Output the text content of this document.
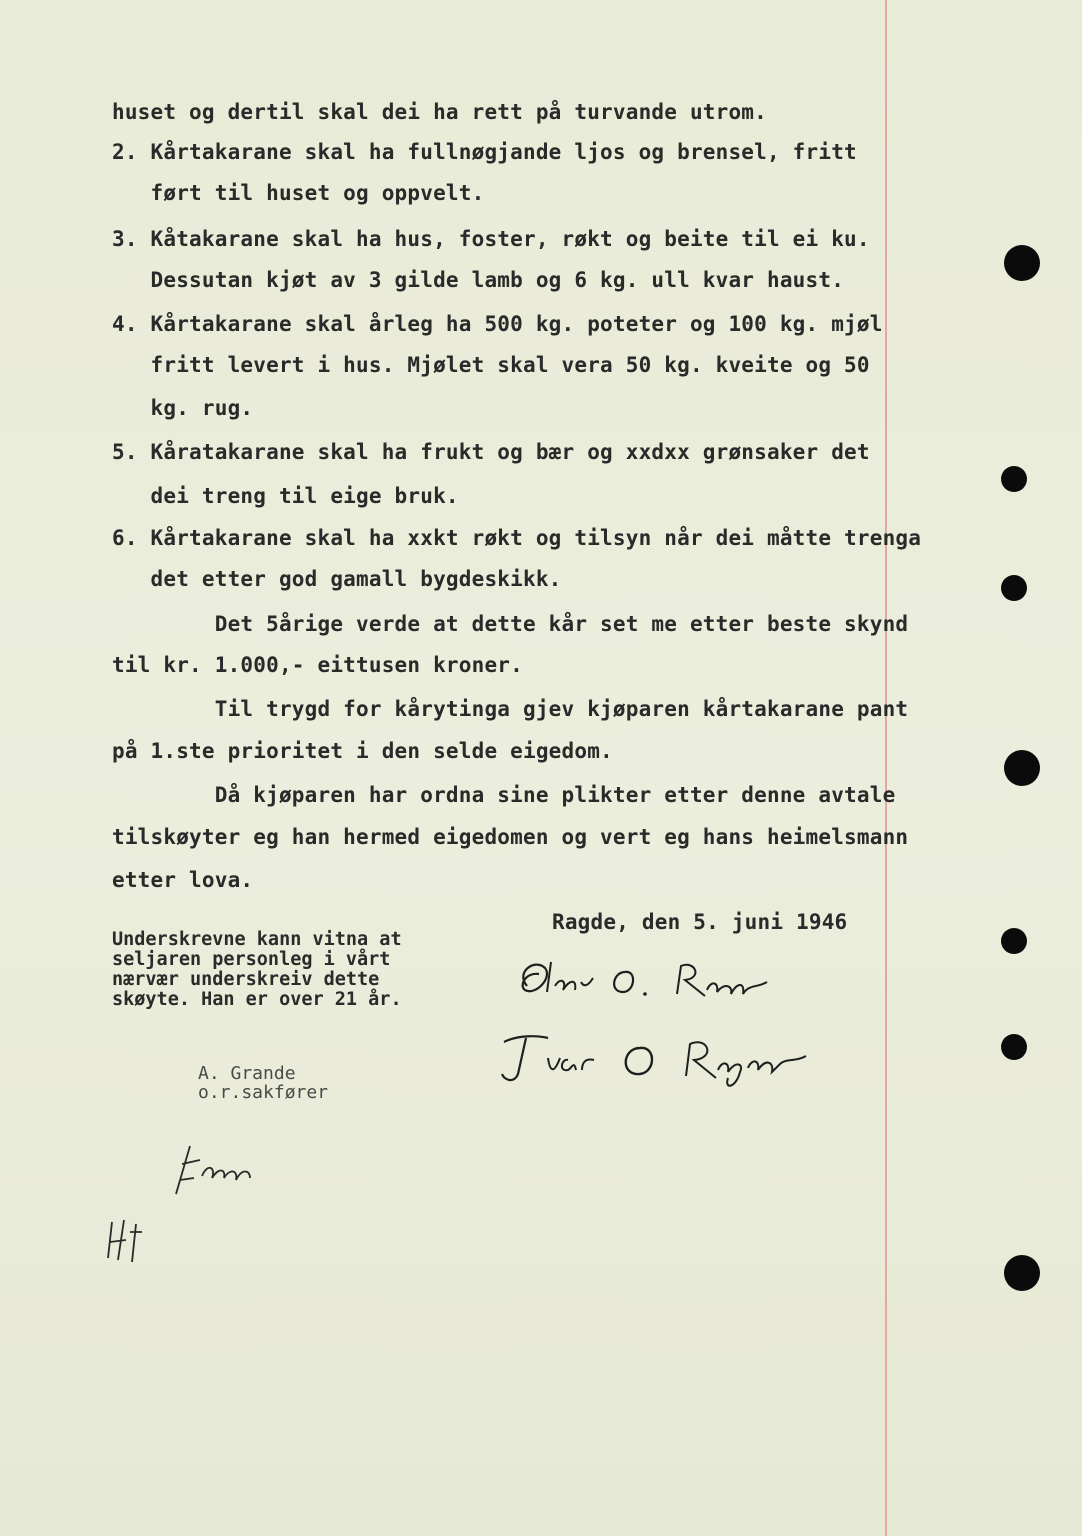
huset og dertil skal dei ha rett på turvande utrom.
2. Kårtakarane skal ha fullnøgjande ljos og brensel, fritt
ført til huset og oppvelt.
3. Kåtakarane skal ha hus, foster, røkt og beite til ei ku.
Dessutan kjøt av 3 gilde lamb og 6 kg. ull kvar haust.
4. Kårtakarane skal årleg ha 500 kg. poteter og 100 kg. mjøl
fritt levert i hus. Mjølet skal vera 50 kg. kveite og 50
kg. rug.
5. Kåratakarane skal ha frukt og bær og xxdxx grønsaker det
dei treng til eige bruk.
6. Kårtakarane skal ha xxkt røkt og tilsyn når dei måtte trenga
det etter god gamall bygdeskikk.
Det 5årige verde at dette kår set me etter beste skynd
til kr. 1.000,- eittusen kroner.
Til trygd for kårytinga gjev kjøparen kårtakarane pant
på 1.ste prioritet i den selde eigedom.
Då kjøparen har ordna sine plikter etter denne avtale
tilskøyter eg han hermed eigedomen og vert eg hans heimelsmann
etter lova.
Ragde, den 5. juni 1946
Underskrevne kann vitna at
seljaren personleg i vårt
nærvær underskreiv dette
skøyte. Han er over 21 år.
A. Grande
o.r.sakfører
